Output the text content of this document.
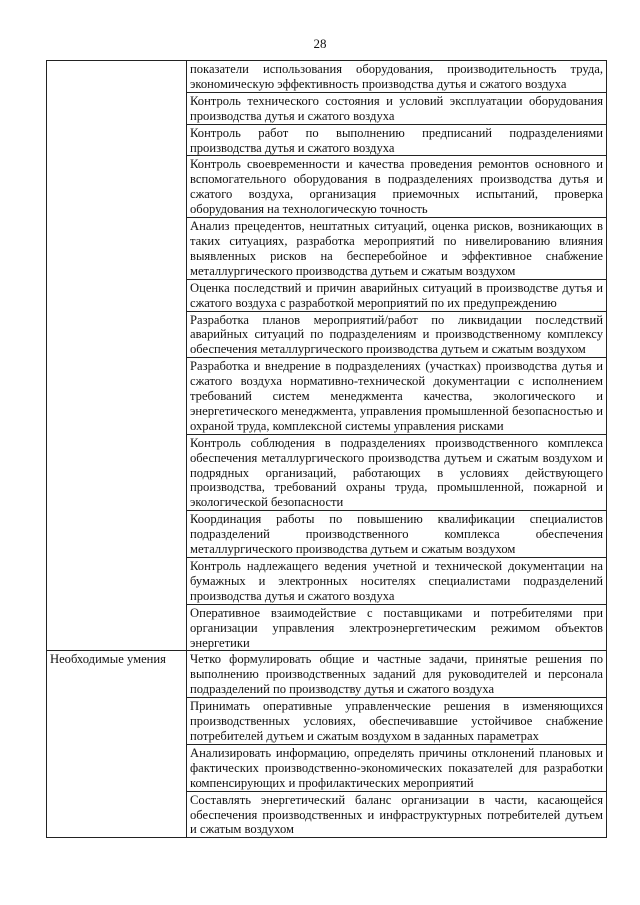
28
	показатели использования оборудования, производительность труда, экономическую эффективность производства дутья и сжатого воздуха
	Контроль технического состояния и условий эксплуатации оборудования производства дутья и сжатого воздуха
	Контроль работ по выполнению предписаний подразделениями производства дутья и сжатого воздуха
	Контроль своевременности и качества проведения ремонтов основного и вспомогательного оборудования в подразделениях производства дутья и сжатого воздуха, организация приемочных испытаний, проверка оборудования на технологическую точность
	Анализ прецедентов, нештатных ситуаций, оценка рисков, возникающих в таких ситуациях, разработка мероприятий по нивелированию влияния выявленных рисков на бесперебойное и эффективное снабжение металлургического производства дутьем и сжатым воздухом
	Оценка последствий и причин аварийных ситуаций в производстве дутья и сжатого воздуха с разработкой мероприятий по их предупреждению
	Разработка планов мероприятий/работ по ликвидации последствий аварийных ситуаций по подразделениям и производственному комплексу обеспечения металлургического производства дутьем и сжатым воздухом
	Разработка и внедрение в подразделениях (участках) производства дутья и сжатого воздуха нормативно-технической документации с исполнением требований систем менеджмента качества, экологического и энергетического менеджмента, управления промышленной безопасностью и охраной труда, комплексной системы управления рисками
	Контроль соблюдения в подразделениях производственного комплекса обеспечения металлургического производства дутьем и сжатым воздухом и подрядных организаций, работающих в условиях действующего производства, требований охраны труда, промышленной, пожарной и экологической безопасности
	Координация работы по повышению квалификации специалистов подразделений производственного комплекса обеспечения металлургического производства дутьем и сжатым воздухом
	Контроль надлежащего ведения учетной и технической документации на бумажных и электронных носителях специалистами подразделений производства дутья и сжатого воздуха
	Оперативное взаимодействие с поставщиками и потребителями при организации управления электроэнергетическим режимом объектов энергетики
Необходимые умения	Четко формулировать общие и частные задачи, принятые решения по выполнению производственных заданий для руководителей и персонала подразделений по производству дутья и сжатого воздуха
	Принимать оперативные управленческие решения в изменяющихся производственных условиях, обеспечивавшие устойчивое снабжение потребителей дутьем и сжатым воздухом в заданных параметрах
	Анализировать информацию, определять причины отклонений плановых и фактических производственно-экономических показателей для разработки компенсирующих и профилактических мероприятий
	Составлять энергетический баланс организации в части, касающейся обеспечения производственных и инфраструктурных потребителей дутьем и сжатым воздухом
